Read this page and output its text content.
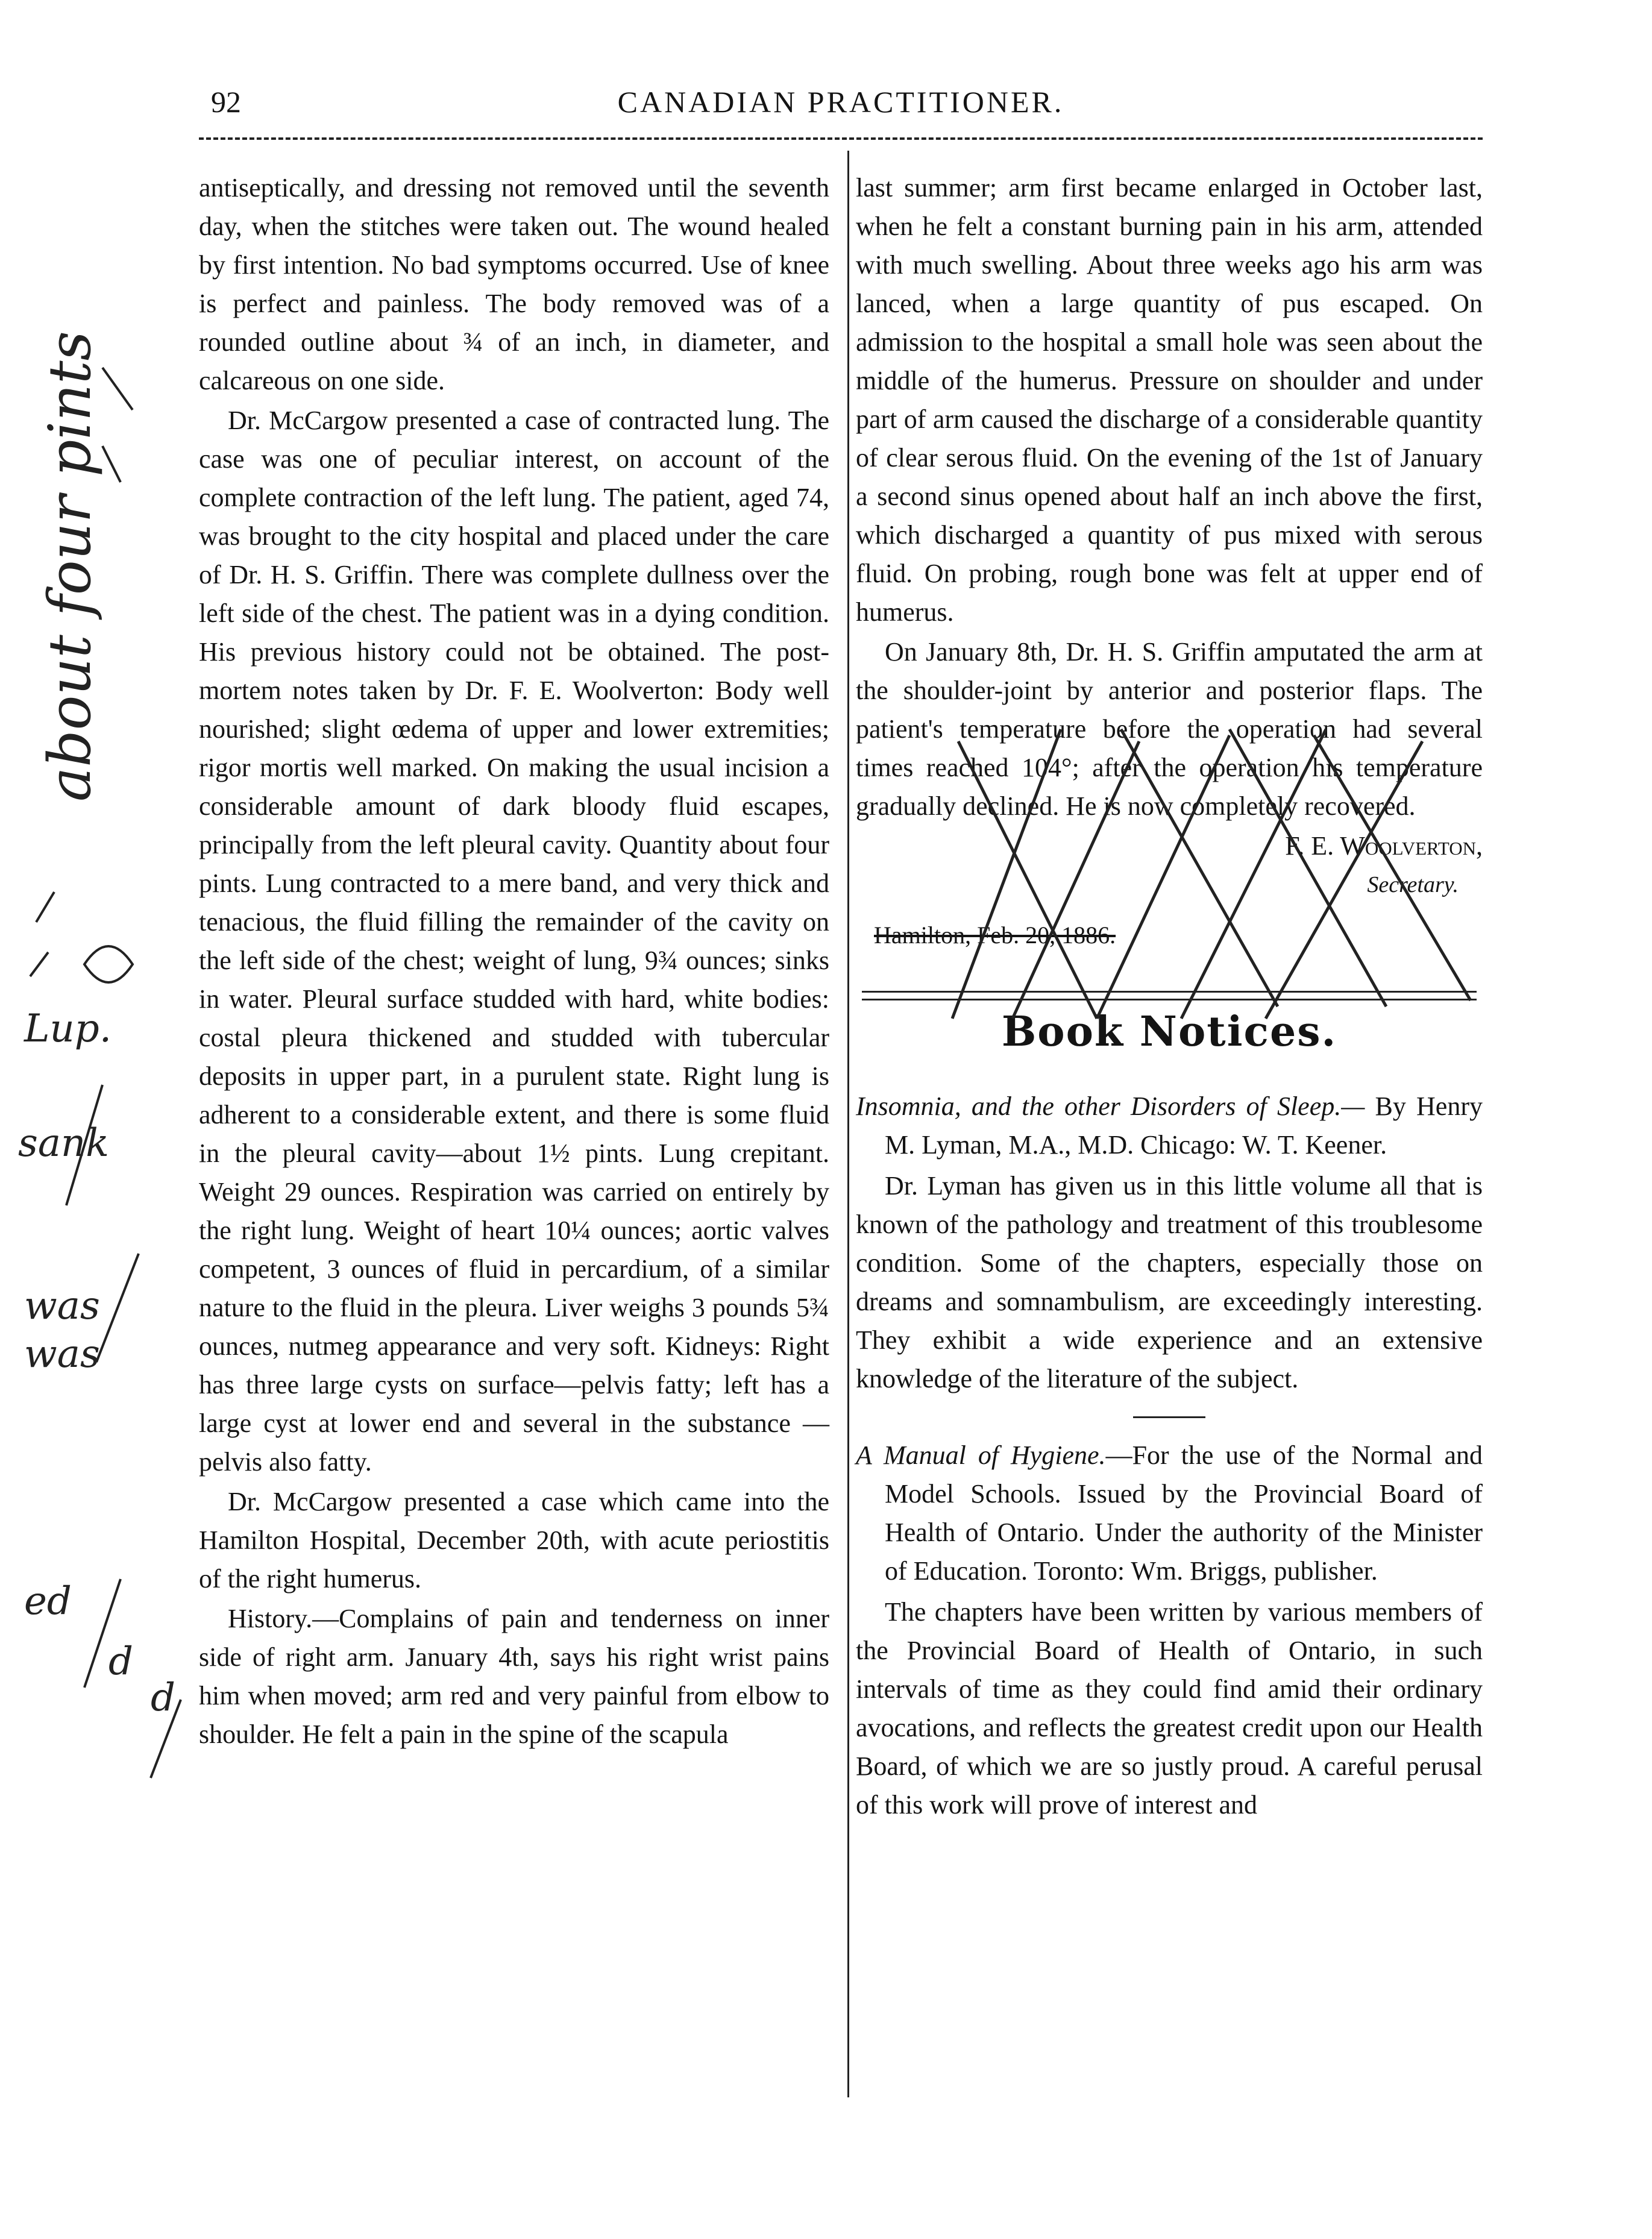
92	CANADIAN PRACTITIONER.

antiseptically, and dressing not removed until the seventh day, when the stitches were taken out. The wound healed by first intention. No bad symptoms occurred. Use of knee is perfect and painless. The body removed was of a rounded outline about ¾ of an inch, in diameter, and calcareous on one side.

Dr. McCargow presented a case of contracted lung. The case was one of peculiar interest, on account of the complete contraction of the left lung. The patient, aged 74, was brought to the city hospital and placed under the care of Dr. H. S. Griffin. There was complete dullness over the left side of the chest. The patient was in a dying condition. His previous history could not be obtained. The post-mortem notes taken by Dr. F. E. Woolverton: Body well nourished; slight œdema of upper and lower extremities; rigor mortis well marked. On making the usual incision a considerable amount of dark bloody fluid escapes, principally from the left pleural cavity. Quantity about four pints. Lung contracted to a mere band, and very thick and tenacious, the fluid filling the remainder of the cavity on the left side of the chest; weight of lung, 9¾ ounces; sinks in water. Pleural surface studded with hard, white bodies: costal pleura thickened and studded with tubercular deposits in upper part, in a purulent state. Right lung is adherent to a considerable extent, and there is some fluid in the pleural cavity—about 1½ pints. Lung crepitant. Weight 29 ounces. Respiration was carried on entirely by the right lung. Weight of heart 10¼ ounces; aortic valves competent, 3 ounces of fluid in percardium, of a similar nature to the fluid in the pleura. Liver weighs 3 pounds 5¾ ounces, nutmeg appearance and very soft. Kidneys: Right has three large cysts on surface—pelvis fatty; left has a large cyst at lower end and several in the substance —pelvis also fatty.

Dr. McCargow presented a case which came into the Hamilton Hospital, December 20th, with acute periostitis of the right humerus.

History.—Complains of pain and tenderness on inner side of right arm. January 4th, says his right wrist pains him when moved; arm red and very painful from elbow to shoulder. He felt a pain in the spine of the scapula

last summer; arm first became enlarged in October last, when he felt a constant burning pain in his arm, attended with much swelling. About three weeks ago his arm was lanced, when a large quantity of pus escaped. On admission to the hospital a small hole was seen about the middle of the humerus. Pressure on shoulder and under part of arm caused the discharge of a considerable quantity of clear serous fluid. On the evening of the 1st of January a second sinus opened about half an inch above the first, which discharged a quantity of pus mixed with serous fluid. On probing, rough bone was felt at upper end of humerus.

On January 8th, Dr. H. S. Griffin amputated the arm at the shoulder-joint by anterior and posterior flaps. The patient's temperature before the operation had several times reached 104°; after the operation his temperature gradually declined. He is now completely recovered.

F. E. Woolverton,

Secretary.

Hamilton, Feb. 20, 1886.

Book Notices.

Insomnia, and the other Disorders of Sleep.— By Henry M. Lyman, M.A., M.D. Chicago: W. T. Keener.

Dr. Lyman has given us in this little volume all that is known of the pathology and treatment of this troublesome condition. Some of the chapters, especially those on dreams and somnambulism, are exceedingly interesting. They exhibit a wide experience and an extensive knowledge of the literature of the subject.

A Manual of Hygiene.—For the use of the Normal and Model Schools. Issued by the Provincial Board of Health of Ontario. Under the authority of the Minister of Education. Toronto: Wm. Briggs, publisher.

The chapters have been written by various members of the Provincial Board of Health of Ontario, in such intervals of time as they could find amid their ordinary avocations, and reflects the greatest credit upon our Health Board, of which we are so justly proud. A careful perusal of this work will prove of interest and

about four pints
Lup.
sank
was
was
ed
d
d
